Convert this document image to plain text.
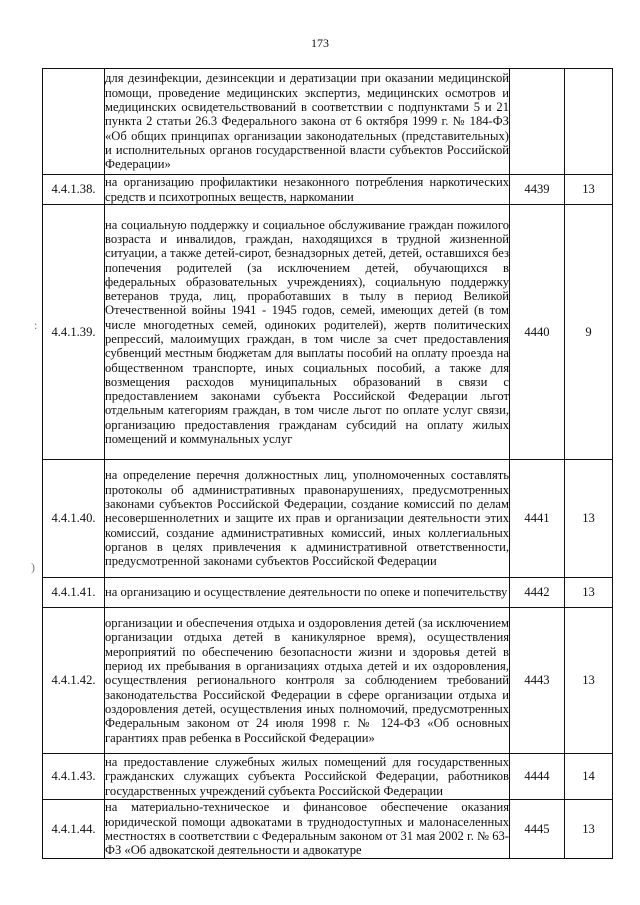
173
	для дезинфекции, дезинсекции и дератизации при оказании медицинской помощи, проведение медицинских экспертиз, медицинских осмотров и медицинских освидетельствований в соответствии с подпунктами 5 и 21 пункта 2 статьи 26.3 Федерального закона от 6 октября 1999 г. № 184-ФЗ «Об общих принципах организации законодательных (представительных) и исполнительных органов государственной власти субъектов Российской Федерации»		
4.4.1.38.	на организацию профилактики незаконного потребления наркотических средств и психотропных веществ, наркомании	4439	13
4.4.1.39.	на социальную поддержку и социальное обслуживание граждан пожилого возраста и инвалидов, граждан, находящихся в трудной жизненной ситуации, а также детей-сирот, безнадзорных детей, детей, оставшихся без попечения родителей (за исключением детей, обучающихся в федеральных образовательных учреждениях), социальную поддержку ветеранов труда, лиц, проработавших в тылу в период Великой Отечественной войны 1941 - 1945 годов, семей, имеющих детей (в том числе многодетных семей, одиноких родителей), жертв политических репрессий, малоимущих граждан, в том числе за счет предоставления субвенций местным бюджетам для выплаты пособий на оплату проезда на общественном транспорте, иных социальных пособий, а также для возмещения расходов муниципальных образований в связи с предоставлением законами субъекта Российской Федерации льгот отдельным категориям граждан, в том числе льгот по оплате услуг связи, организацию предоставления гражданам субсидий на оплату жилых помещений и коммунальных услуг	4440	9
4.4.1.40.	на определение перечня должностных лиц, уполномоченных составлять протоколы об административных правонарушениях, предусмотренных законами субъектов Российской Федерации, создание комиссий по делам несовершеннолетних и защите их прав и организации деятельности этих комиссий, создание административных комиссий, иных коллегиальных органов в целях привлечения к административной ответственности, предусмотренной законами субъектов Российской Федерации	4441	13
4.4.1.41.	на организацию и осуществление деятельности по опеке и попечительству	4442	13
4.4.1.42.	организации и обеспечения отдыха и оздоровления детей (за исключением организации отдыха детей в каникулярное время), осуществления мероприятий по обеспечению безопасности жизни и здоровья детей в период их пребывания в организациях отдыха детей и их оздоровления, осуществления регионального контроля за соблюдением требований законодательства Российской Федерации в сфере организации отдыха и оздоровления детей, осуществления иных полномочий, предусмотренных Федеральным законом от 24 июля 1998 г. № 124-ФЗ «Об основных гарантиях прав ребенка в Российской Федерации»	4443	13
4.4.1.43.	на предоставление служебных жилых помещений для государственных гражданских служащих субъекта Российской Федерации, работников государственных учреждений субъекта Российской Федерации	4444	14
4.4.1.44.	на материально-техническое и финансовое обеспечение оказания юридической помощи адвокатами в труднодоступных и малонаселенных местностях в соответствии с Федеральным законом от 31 мая 2002 г. № 63-ФЗ «Об адвокатской деятельности и адвокатуре	4445	13
:
)
